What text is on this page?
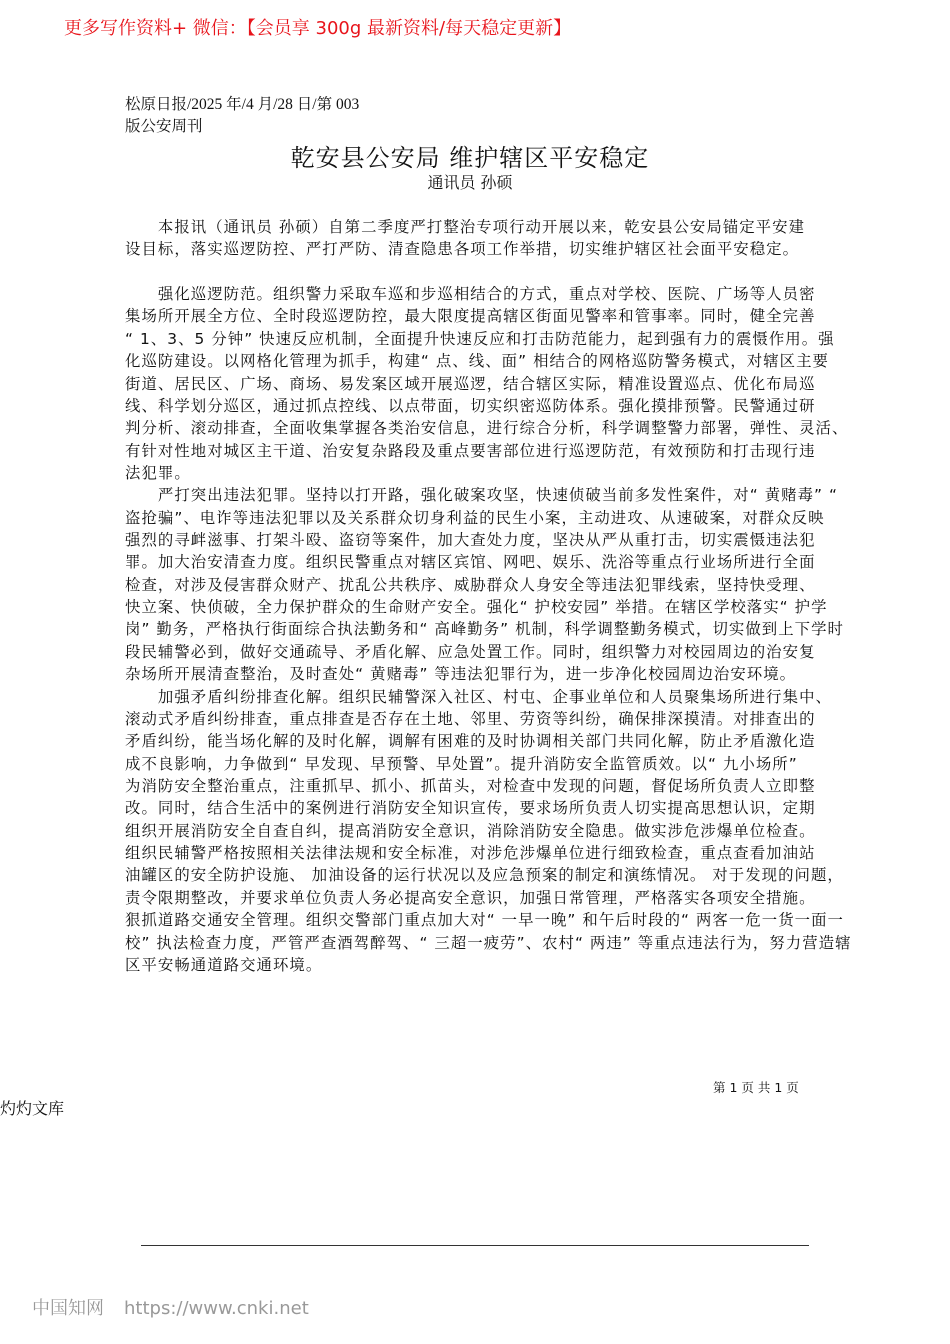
更多写作资料+ 微信：【会员享 300g 最新资料/每天稳定更新】
松原日报/2025 年/4 月/28 日/第 003
版公安周刊
乾安县公安局 维护辖区平安稳定
通讯员 孙硕
　　本报讯（通讯员 孙硕）自第二季度严打整治专项行动开展以来，乾安县公安局锚定平安建
设目标，落实巡逻防控、严打严防、清查隐患各项工作举措，切实维护辖区社会面平安稳定。
　　强化巡逻防范。组织警力采取车巡和步巡相结合的方式，重点对学校、医院、广场等人员密
集场所开展全方位、全时段巡逻防控，最大限度提高辖区街面见警率和管事率。同时，健全完善
“ 1、3、5 分钟” 快速反应机制，全面提升快速反应和打击防范能力，起到强有力的震慑作用。强
化巡防建设。以网格化管理为抓手，构建“ 点、线、面” 相结合的网格巡防警务模式，对辖区主要
街道、居民区、广场、商场、易发案区域开展巡逻，结合辖区实际，精准设置巡点、优化布局巡
线、科学划分巡区，通过抓点控线、以点带面，切实织密巡防体系。强化摸排预警。民警通过研
判分析、滚动排查，全面收集掌握各类治安信息，进行综合分析，科学调整警力部署，弹性、灵活、
有针对性地对城区主干道、治安复杂路段及重点要害部位进行巡逻防范，有效预防和打击现行违
法犯罪。
　　严打突出违法犯罪。坚持以打开路，强化破案攻坚，快速侦破当前多发性案件，对“ 黄赌毒” “
盗抢骗”、电诈等违法犯罪以及关系群众切身利益的民生小案，主动进攻、从速破案，对群众反映
强烈的寻衅滋事、打架斗殴、盗窃等案件，加大查处力度，坚决从严从重打击，切实震慑违法犯
罪。加大治安清查力度。组织民警重点对辖区宾馆、网吧、娱乐、洗浴等重点行业场所进行全面
检查，对涉及侵害群众财产、扰乱公共秩序、威胁群众人身安全等违法犯罪线索，坚持快受理、
快立案、快侦破，全力保护群众的生命财产安全。强化“ 护校安园” 举措。在辖区学校落实“ 护学
岗” 勤务，严格执行街面综合执法勤务和“ 高峰勤务” 机制，科学调整勤务模式，切实做到上下学时
段民辅警必到，做好交通疏导、矛盾化解、应急处置工作。同时，组织警力对校园周边的治安复
杂场所开展清查整治，及时查处“ 黄赌毒” 等违法犯罪行为，进一步净化校园周边治安环境。
　　加强矛盾纠纷排查化解。组织民辅警深入社区、村屯、企事业单位和人员聚集场所进行集中、
滚动式矛盾纠纷排查，重点排查是否存在土地、邻里、劳资等纠纷，确保排深摸清。对排查出的
矛盾纠纷，能当场化解的及时化解，调解有困难的及时协调相关部门共同化解，防止矛盾激化造
成不良影响，力争做到“ 早发现、早预警、早处置”。提升消防安全监管质效。以“ 九小场所”
为消防安全整治重点，注重抓早、抓小、抓苗头，对检查中发现的问题，督促场所负责人立即整
改。同时，结合生活中的案例进行消防安全知识宣传，要求场所负责人切实提高思想认识，定期
组织开展消防安全自查自纠，提高消防安全意识，消除消防安全隐患。做实涉危涉爆单位检查。
组织民辅警严格按照相关法律法规和安全标准，对涉危涉爆单位进行细致检查，重点查看加油站
油罐区的安全防护设施、 加油设备的运行状况以及应急预案的制定和演练情况。 对于发现的问题，
责令限期整改，并要求单位负责人务必提高安全意识，加强日常管理，严格落实各项安全措施。
狠抓道路交通安全管理。组织交警部门重点加大对“ 一早一晚” 和午后时段的“ 两客一危一货一面一
校” 执法检查力度，严管严查酒驾醉驾、“ 三超一疲劳”、农村“ 两违” 等重点违法行为，努力营造辖
区平安畅通道路交通环境。
第 1 页 共 1 页
灼灼文库
中国知网 https://www.cnki.net
